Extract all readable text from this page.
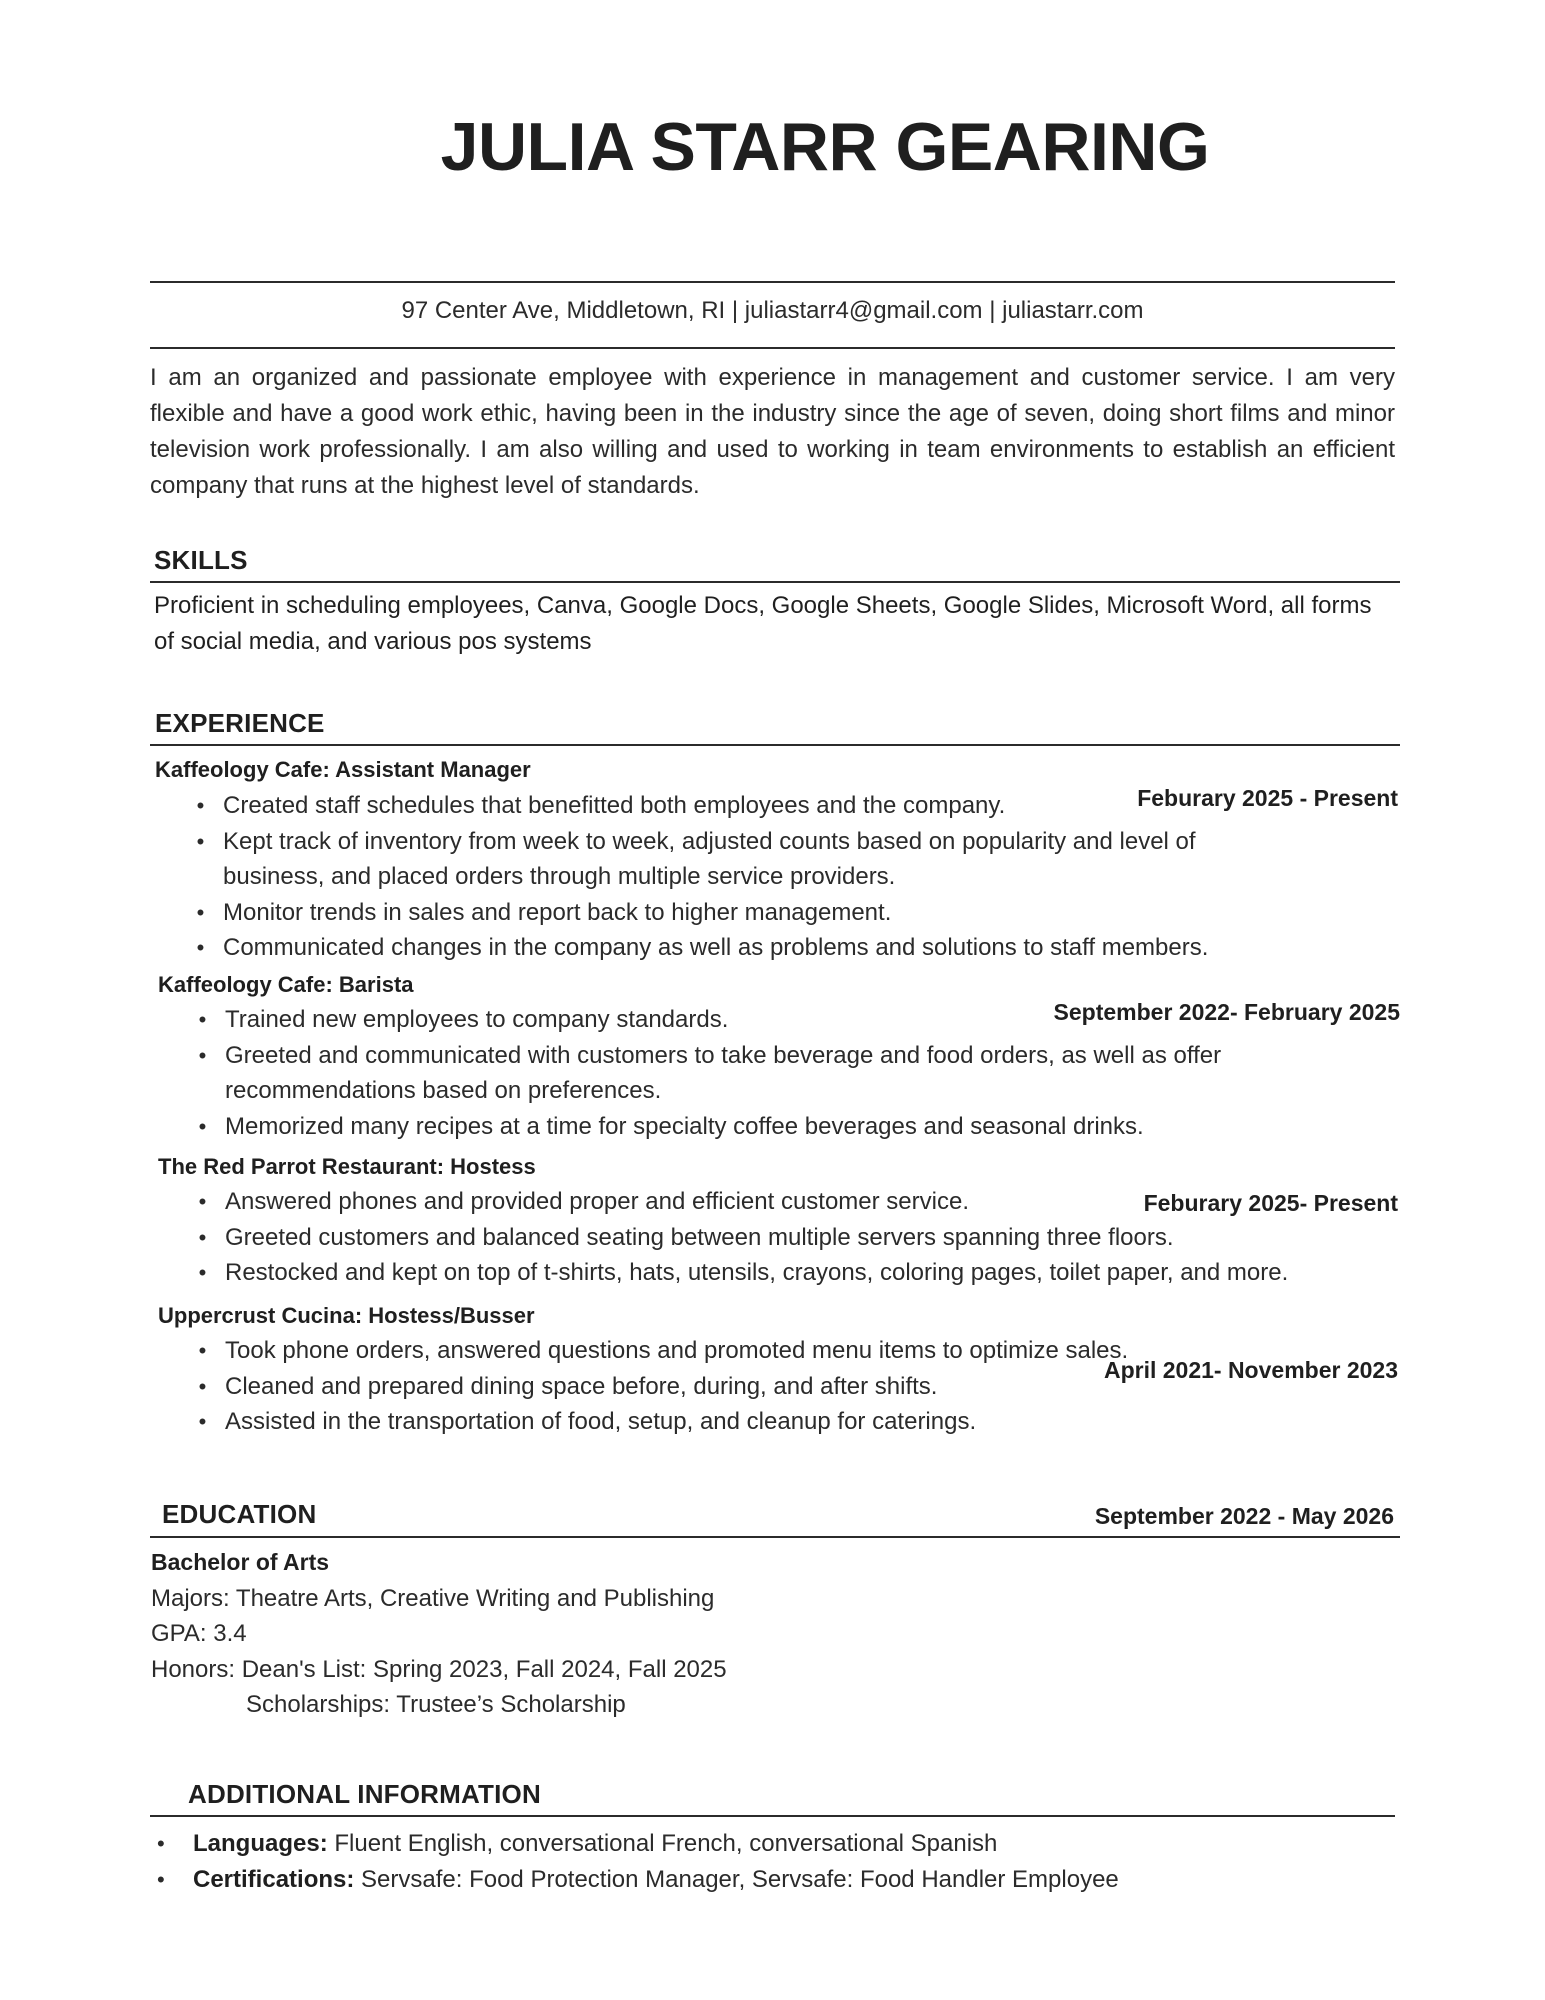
JULIA STARR GEARING
97 Center Ave, Middletown, RI | juliastarr4@gmail.com | juliastarr.com
I am an organized and passionate employee with experience in management and customer service. I am very flexible and have a good work ethic, having been in the industry since the age of seven, doing short films and minor television work professionally. I am also willing and used to working in team environments to establish an efficient company that runs at the highest level of standards.
SKILLS
Proficient in scheduling employees, Canva, Google Docs, Google Sheets, Google Slides, Microsoft Word, all forms of social media, and various pos systems
EXPERIENCE
Kaffeology Cafe: Assistant Manager
Feburary 2025 - Present
• Created staff schedules that benefitted both employees and the company.
• Kept track of inventory from week to week, adjusted counts based on popularity and level of business, and placed orders through multiple service providers.
• Monitor trends in sales and report back to higher management.
• Communicated changes in the company as well as problems and solutions to staff members.
Kaffeology Cafe: Barista
September 2022- February 2025
• Trained new employees to company standards.
• Greeted and communicated with customers to take beverage and food orders, as well as offer recommendations based on preferences.
• Memorized many recipes at a time for specialty coffee beverages and seasonal drinks.
The Red Parrot Restaurant: Hostess
Feburary 2025- Present
• Answered phones and provided proper and efficient customer service.
• Greeted customers and balanced seating between multiple servers spanning three floors.
• Restocked and kept on top of t-shirts, hats, utensils, crayons, coloring pages, toilet paper, and more.
Uppercrust Cucina: Hostess/Busser
April 2021- November 2023
• Took phone orders, answered questions and promoted menu items to optimize sales.
• Cleaned and prepared dining space before, during, and after shifts.
• Assisted in the transportation of food, setup, and cleanup for caterings.
EDUCATION	September 2022 - May 2026
Bachelor of Arts
Majors: Theatre Arts, Creative Writing and Publishing
GPA: 3.4
Honors: Dean's List: Spring 2023, Fall 2024, Fall 2025
Scholarships: Trustee’s Scholarship
ADDITIONAL INFORMATION
• Languages: Fluent English, conversational French, conversational Spanish
• Certifications: Servsafe: Food Protection Manager, Servsafe: Food Handler Employee
